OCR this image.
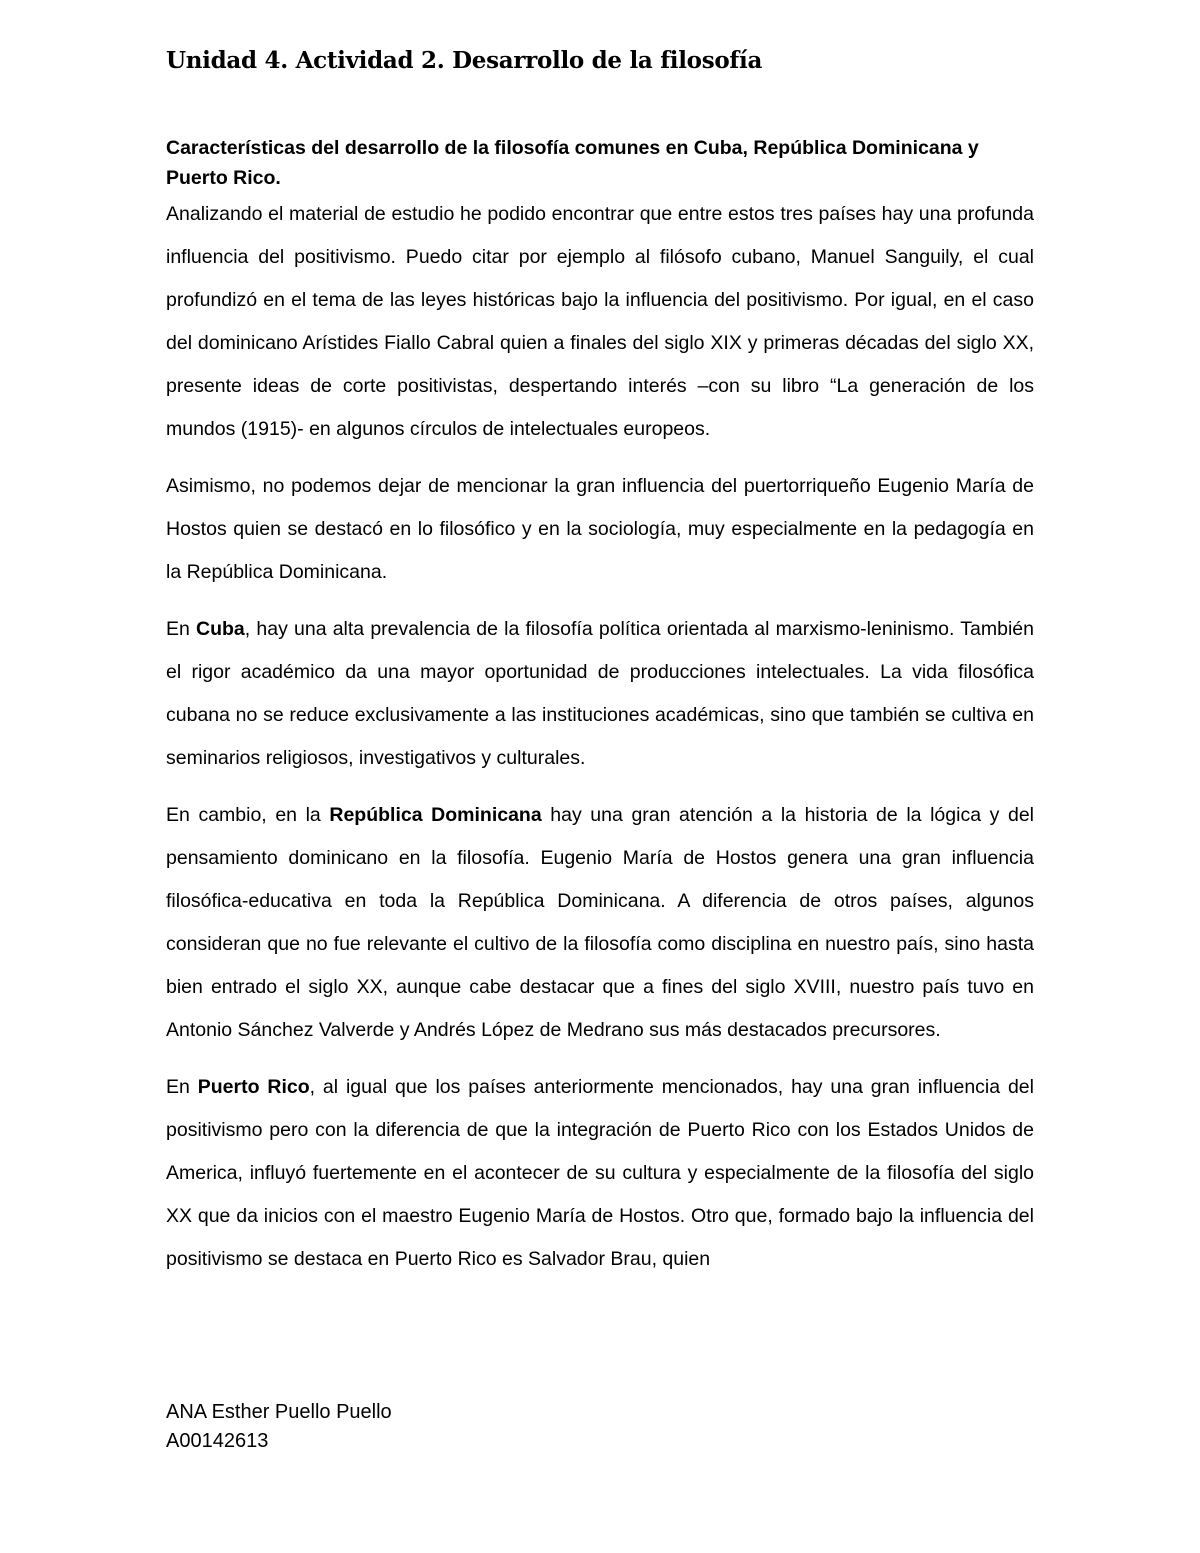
Unidad 4. Actividad 2. Desarrollo de la filosofía

Características del desarrollo de la filosofía comunes en Cuba, República Dominicana y Puerto Rico.

Analizando el material de estudio he podido encontrar que entre estos tres países hay una profunda influencia del positivismo. Puedo citar por ejemplo al filósofo cubano, Manuel Sanguily, el cual profundizó en el tema de las leyes históricas bajo la influencia del positivismo. Por igual, en el caso del dominicano Arístides Fiallo Cabral quien a finales del siglo XIX y primeras décadas del siglo XX, presente ideas de corte positivistas, despertando interés –con su libro “La generación de los mundos (1915)- en algunos círculos de intelectuales europeos.

Asimismo, no podemos dejar de mencionar la gran influencia del puertorriqueño Eugenio María de Hostos quien se destacó en lo filosófico y en la sociología, muy especialmente en la pedagogía en la República Dominicana.

En Cuba, hay una alta prevalencia de la filosofía política orientada al marxismo-leninismo. También el rigor académico da una mayor oportunidad de producciones intelectuales. La vida filosófica cubana no se reduce exclusivamente a las instituciones académicas, sino que también se cultiva en seminarios religiosos, investigativos y culturales.

En cambio, en la República Dominicana hay una gran atención a la historia de la lógica y del pensamiento dominicano en la filosofía. Eugenio María de Hostos genera una gran influencia filosófica-educativa en toda la República Dominicana. A diferencia de otros países, algunos consideran que no fue relevante el cultivo de la filosofía como disciplina en nuestro país, sino hasta bien entrado el siglo XX, aunque cabe destacar que a fines del siglo XVIII, nuestro país tuvo en Antonio Sánchez Valverde y Andrés López de Medrano sus más destacados precursores.

En Puerto Rico, al igual que los países anteriormente mencionados, hay una gran influencia del positivismo pero con la diferencia de que la integración de Puerto Rico con los Estados Unidos de America, influyó fuertemente en el acontecer de su cultura y especialmente de la filosofía del siglo XX que da inicios con el maestro Eugenio María de Hostos. Otro que, formado bajo la influencia del positivismo se destaca en Puerto Rico es Salvador Brau, quien

ANA Esther Puello Puello
A00142613
